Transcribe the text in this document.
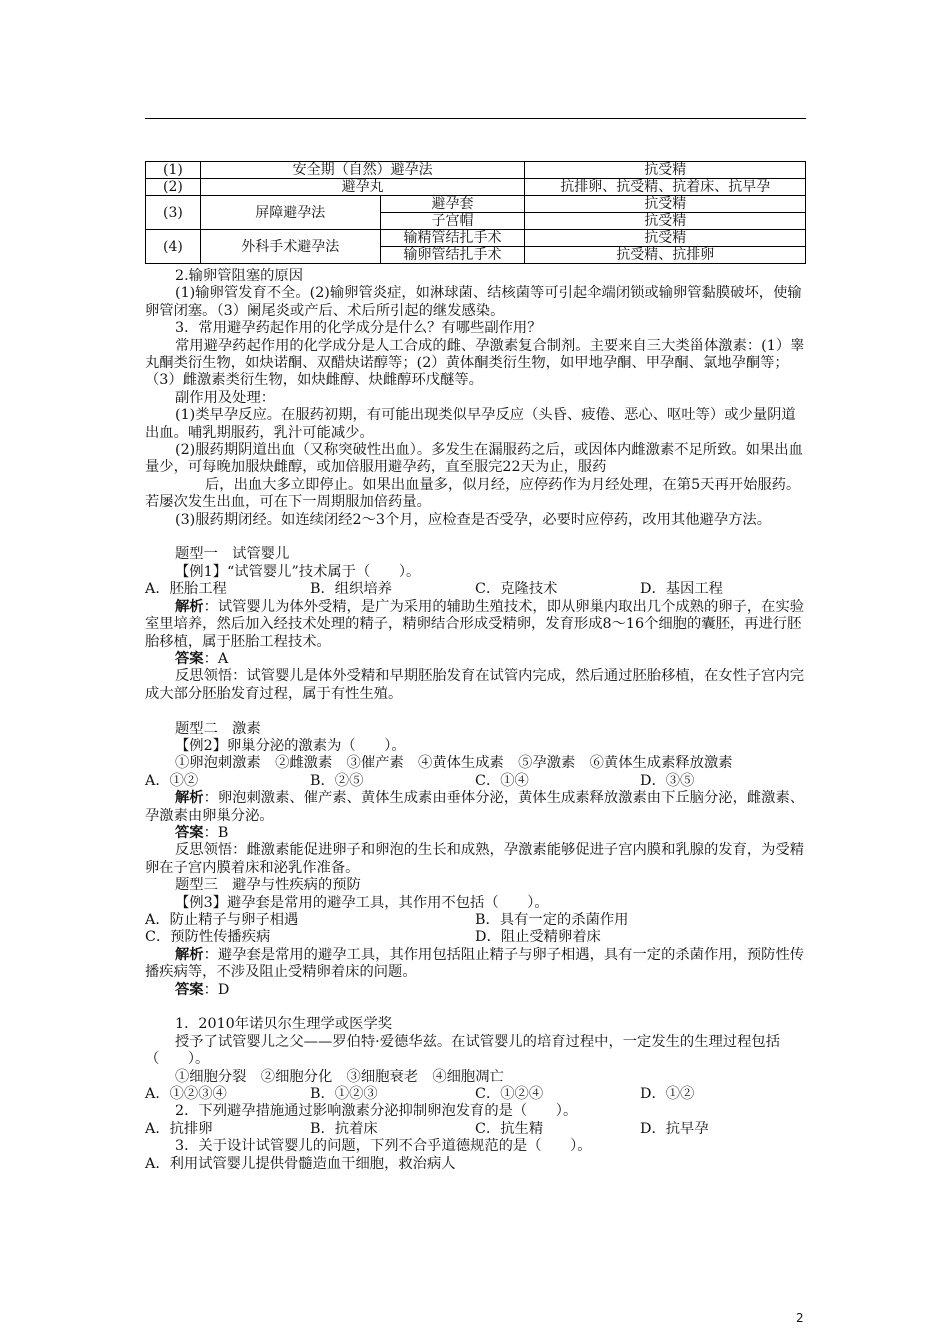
(1)	安全期（自然）避孕法		抗受精
(2)	避孕丸		抗排卵、抗受精、抗着床、抗早孕
(3)	屏障避孕法	避孕套	抗受精
		子宫帽	抗受精
(4)	外科手术避孕法	输精管结扎手术	抗受精
		输卵管结扎手术	抗受精、抗排卵

2.输卵管阻塞的原因

(1)输卵管发育不全。(2)输卵管炎症，如淋球菌、结核菌等可引起伞端闭锁或输卵管黏膜破坏，使输卵管闭塞。（3）阑尾炎或产后、术后所引起的继发感染。

3．常用避孕药起作用的化学成分是什么？有哪些副作用？

常用避孕药起作用的化学成分是人工合成的雌、孕激素复合制剂。主要来自三大类甾体激素：(1）睾丸酮类衍生物，如炔诺酮、双醋炔诺醇等；(2）黄体酮类衍生物，如甲地孕酮、甲孕酮、氯地孕酮等；（3）雌激素类衍生物，如炔雌醇、炔雌醇环戊醚等。

副作用及处理：

(1)类早孕反应。在服药初期，有可能出现类似早孕反应（头昏、疲倦、恶心、呕吐等）或少量阴道出血。哺乳期服药，乳汁可能减少。

(2)服药期阴道出血（又称突破性出血）。多发生在漏服药之后，或因体内雌激素不足所致。如果出血量少，可每晚加服炔雌醇，或加倍服用避孕药，直至服完22天为止，服药

后，出血大多立即停止。如果出血量多，似月经，应停药作为月经处理，在第5天再开始服药。若屡次发生出血，可在下一周期服加倍药量。

(3)服药期闭经。如连续闭经2～3个月，应检查是否受孕，必要时应停药，改用其他避孕方法。

题型一　试管婴儿

【例1】“试管婴儿”技术属于（　　）。

A．胚胎工程	B．组织培养	C．克隆技术	D．基因工程

解析：试管婴儿为体外受精，是广为采用的辅助生殖技术，即从卵巢内取出几个成熟的卵子，在实验室里培养，然后加入经技术处理的精子，精卵结合形成受精卵，发育形成8～16个细胞的囊胚，再进行胚胎移植，属于胚胎工程技术。

答案：A

反思领悟：试管婴儿是体外受精和早期胚胎发育在试管内完成，然后通过胚胎移植，在女性子宫内完成大部分胚胎发育过程，属于有性生殖。

题型二　激素

【例2】卵巢分泌的激素为（　　）。

①卵泡刺激素　②雌激素　③催产素　④黄体生成素　⑤孕激素　⑥黄体生成素释放激素

A．①②	B．②⑤	C．①④	D．③⑤

解析：卵泡刺激素、催产素、黄体生成素由垂体分泌，黄体生成素释放激素由下丘脑分泌，雌激素、孕激素由卵巢分泌。

答案：B

反思领悟：雌激素能促进卵子和卵泡的生长和成熟，孕激素能够促进子宫内膜和乳腺的发育，为受精卵在子宫内膜着床和泌乳作准备。

题型三　避孕与性疾病的预防

【例3】避孕套是常用的避孕工具，其作用不包括（　　）。

A．防止精子与卵子相遇	B．具有一定的杀菌作用
C．预防性传播疾病	D．阻止受精卵着床

解析：避孕套是常用的避孕工具，其作用包括阻止精子与卵子相遇，具有一定的杀菌作用，预防性传播疾病等，不涉及阻止受精卵着床的问题。

答案：D

1．2010年诺贝尔生理学或医学奖

授予了试管婴儿之父——罗伯特·爱德华兹。在试管婴儿的培育过程中，一定发生的生理过程包括（　　）。

①细胞分裂　②细胞分化　③细胞衰老　④细胞凋亡

A．①②③④	B．①②③	C．①②④	D．①②

2．下列避孕措施通过影响激素分泌抑制卵泡发育的是（　　）。

A．抗排卵	B．抗着床	C．抗生精	D．抗早孕

3．关于设计试管婴儿的问题，下列不合乎道德规范的是（　　）。

A．利用试管婴儿提供骨髓造血干细胞，救治病人

2
